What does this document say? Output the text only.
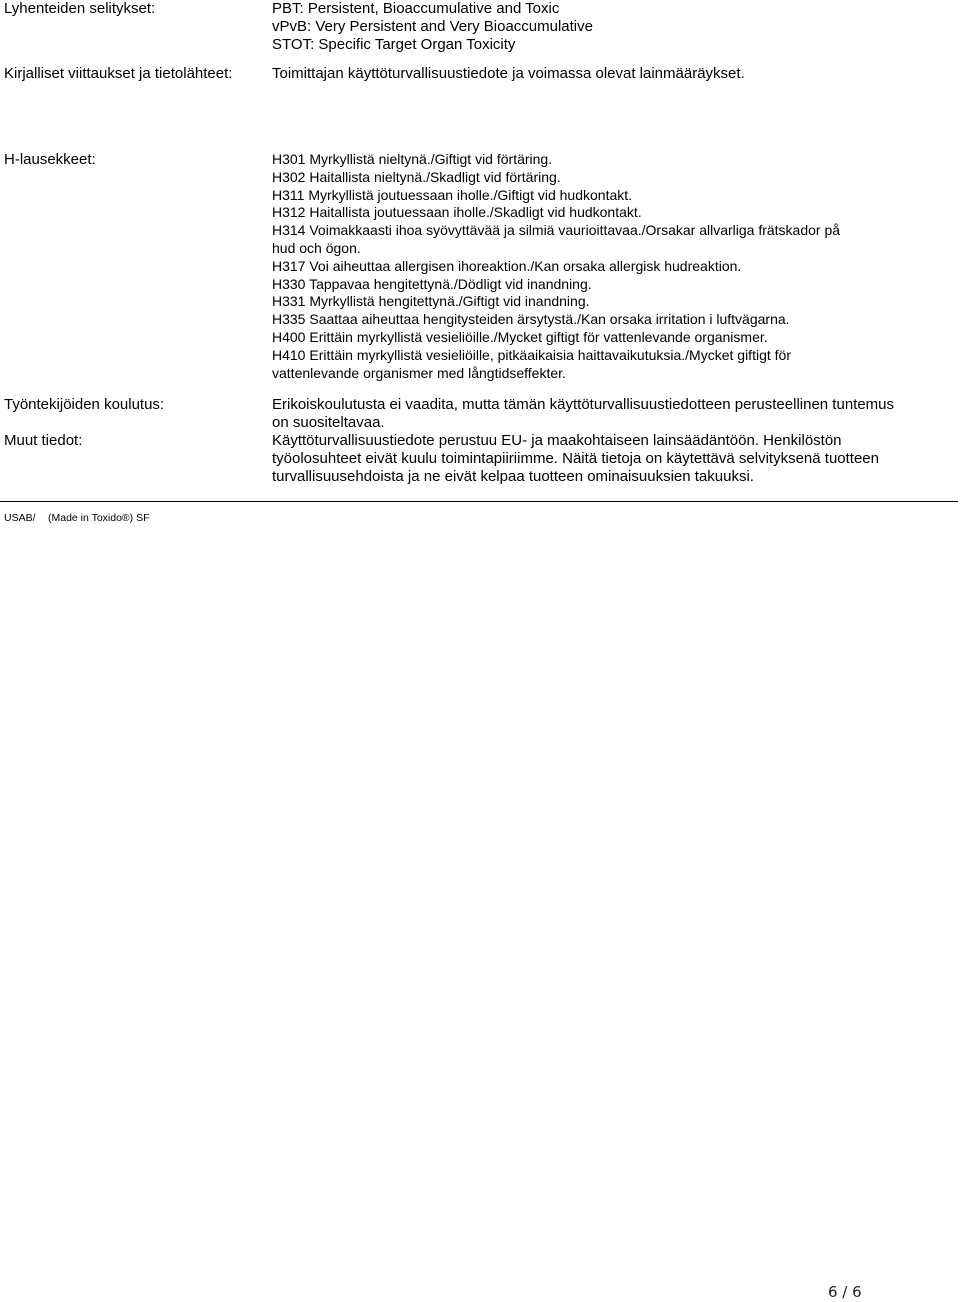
Lyhenteiden selitykset:	PBT: Persistent, Bioaccumulative and Toxic
vPvB: Very Persistent and Very Bioaccumulative
STOT: Specific Target Organ Toxicity
Kirjalliset viittaukset ja tietolähteet:	Toimittajan käyttöturvallisuustiedote ja voimassa olevat lainmääräykset.
H-lausekkeet:	H301 Myrkyllistä nieltynä./Giftigt vid förtäring.
H302 Haitallista nieltynä./Skadligt vid förtäring.
H311 Myrkyllistä joutuessaan iholle./Giftigt vid hudkontakt.
H312 Haitallista joutuessaan iholle./Skadligt vid hudkontakt.
H314 Voimakkaasti ihoa syövyttävää ja silmiä vaurioittavaa./Orsakar allvarliga frätskador på
hud och ögon.
H317 Voi aiheuttaa allergisen ihoreaktion./Kan orsaka allergisk hudreaktion.
H330 Tappavaa hengitettynä./Dödligt vid inandning.
H331 Myrkyllistä hengitettynä./Giftigt vid inandning.
H335 Saattaa aiheuttaa hengitysteiden ärsytystä./Kan orsaka irritation i luftvägarna.
H400 Erittäin myrkyllistä vesieliöille./Mycket giftigt för vattenlevande organismer.
H410 Erittäin myrkyllistä vesieliöille, pitkäaikaisia haittavaikutuksia./Mycket giftigt för
vattenlevande organismer med långtidseffekter.
Työntekijöiden koulutus:	Erikoiskoulutusta ei vaadita, mutta tämän käyttöturvallisuustiedotteen perusteellinen tuntemus
on suositeltavaa.
Muut tiedot:	Käyttöturvallisuustiedote perustuu EU- ja maakohtaiseen lainsäädäntöön. Henkilöstön
työolosuhteet eivät kuulu toimintapiiriimme. Näitä tietoja on käytettävä selvityksenä tuotteen
turvallisuusehdoista ja ne eivät kelpaa tuotteen ominaisuuksien takuuksi.
USAB/ (Made in Toxido®) SF
6 / 6
